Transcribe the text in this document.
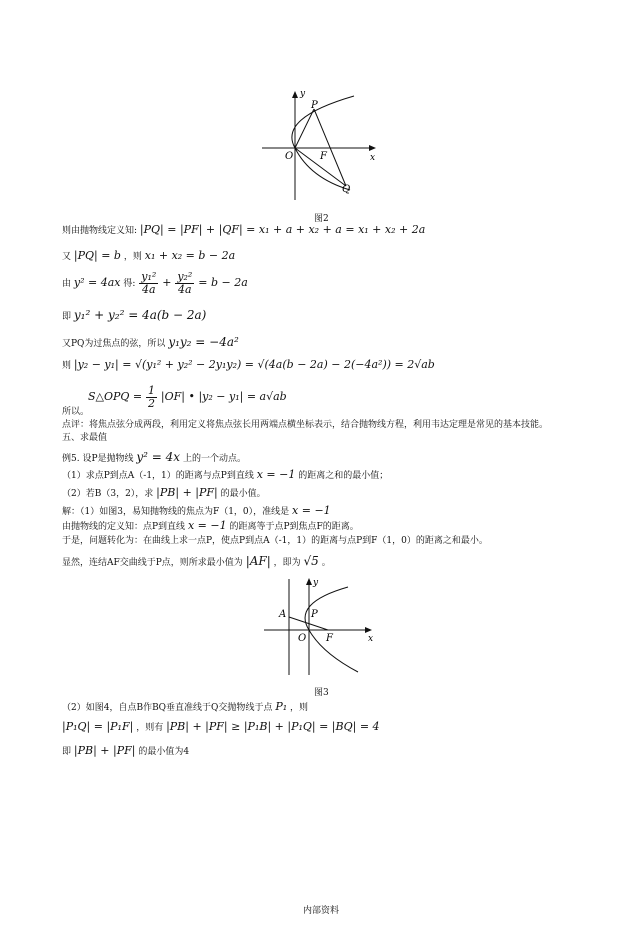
y
x
O
P
F
Q
图2
则由抛物线定义知: |PQ| = |PF| + |QF| = x₁ + a + x₂ + a = x₁ + x₂ + 2a
又 |PQ| = b ，则 x₁ + x₂ = b − 2a
由 y² = 4ax 得: $\frac{\text{y₁²}}{4a} + \frac{\text{y₂²}}{4a} = b - 2a$
即 y₁² + y₂² = 4a(b − 2a)
又PQ为过焦点的弦，所以 y₁y₂ = −4a²
则 |y₂ − y₁| = √(y₁² + y₂² − 2y₁y₂) = √(4a(b − 2a) − 2(−4a²)) = 2√ab
S△OPQ = $\frac{1}{2} |OF|$ • |y₂ − y₁| = a√ab
所以。
点评：将焦点弦分成两段，利用定义将焦点弦长用两端点横坐标表示，结合抛物线方程，利用韦达定理是常见的基本技能。
五、求最值
例5. 设P是抛物线 y² = 4x 上的一个动点。
（1）求点P到点A（-1，1）的距离与点P到直线 x = −1 的距离之和的最小值；
（2）若B（3，2），求 |PB| + |PF| 的最小值。
解：（1）如图3，易知抛物线的焦点为F（1，0），准线是 x = −1
由抛物线的定义知：点P到直线 x = −1 的距离等于点P到焦点F的距离。
于是，问题转化为：在曲线上求一点P，使点P到点A（-1，1）的距离与点P到F（1，0）的距离之和最小。
显然，连结AF交曲线于P点，则所求最小值为 |AF| ，即为 √5 。
y
x
O
P
F
A
图3
（2）如图4，自点B作BQ垂直准线于Q交抛物线于点 P₁ ，则
|P₁Q| = |P₁F| ，则有 |PB| + |PF| ≥ |P₁B| + |P₁Q| = |BQ| = 4
即 |PB| + |PF| 的最小值为4
内部资料
